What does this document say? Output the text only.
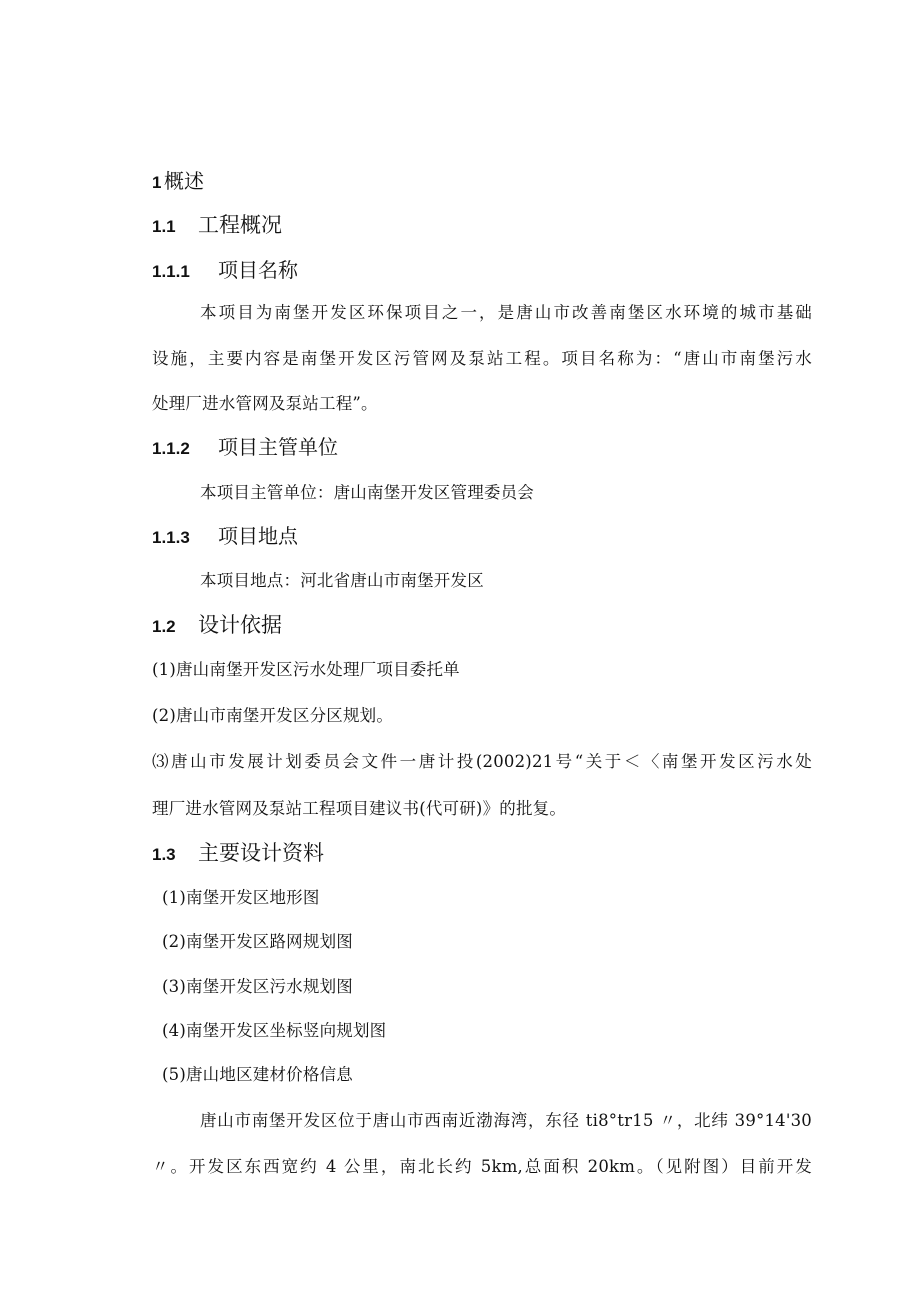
1 概述
1.1 工程概况
1.1.1 项目名称
本项目为南堡开发区环保项目之一，是唐山市改善南堡区水环境的城市基础
设施，主要内容是南堡开发区污管网及泵站工程。项目名称为：“唐山市南堡污水
处理厂进水管网及泵站工程”。
1.1.2 项目主管单位
本项目主管单位：唐山南堡开发区管理委员会
1.1.3 项目地点
本项目地点：河北省唐山市南堡开发区
1.2 设计依据
(1)唐山南堡开发区污水处理厂项目委托单
(2)唐山市南堡开发区分区规划。
⑶唐山市发展计划委员会文件一唐计投(2002)21号“关于＜〈南堡开发区污水处
理厂进水管网及泵站工程项目建议书(代可研)》的批复。
1.3 主要设计资料
(1)南堡开发区地形图
(2)南堡开发区路网规划图
(3)南堡开发区污水规划图
(4)南堡开发区坐标竖向规划图
(5)唐山地区建材价格信息
唐山市南堡开发区位于唐山市西南近渤海湾，东径 ti8°tr15 〃，北纬 39°14'30
〃。开发区东西宽约 4 公里，南北长约 5km,总面积 20km。（见附图）目前开发
